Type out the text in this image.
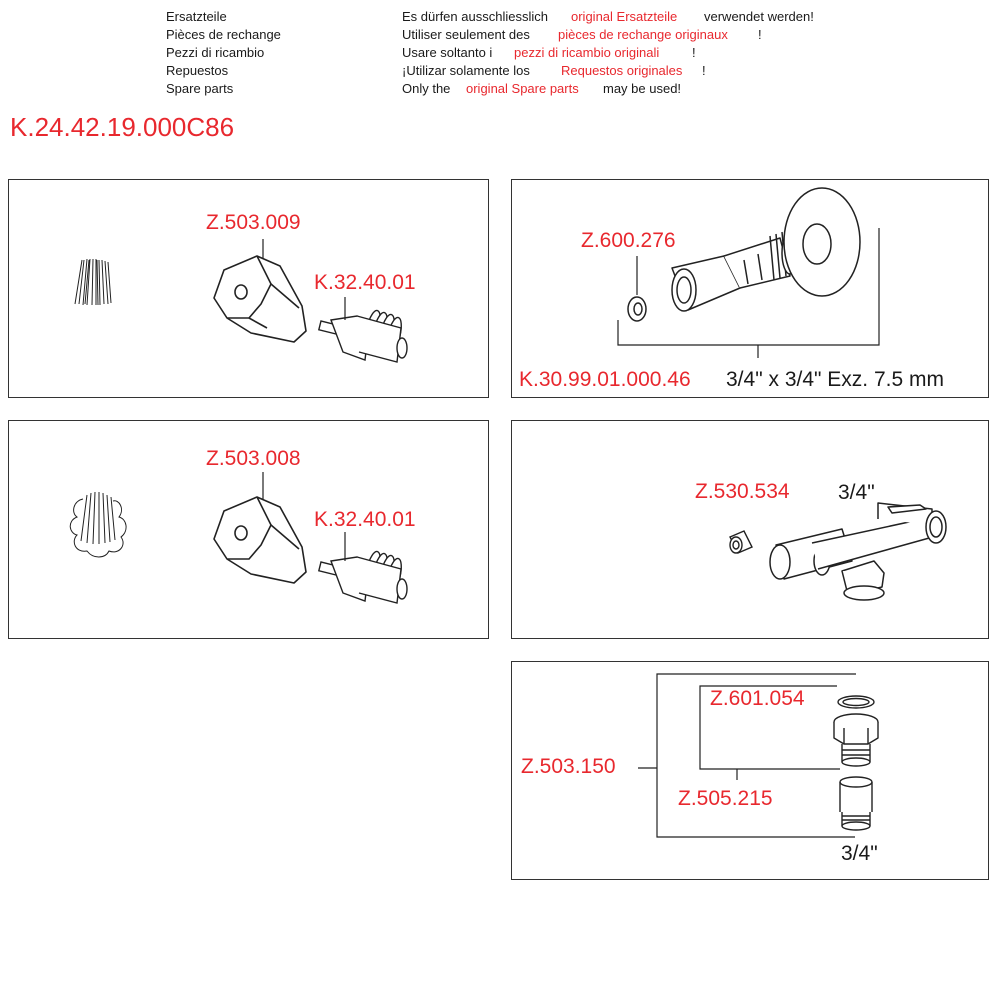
Ersatzteile	Es dürfen ausschliesslich original Ersatzteile verwendet werden!
Pièces de rechange	Utiliser seulement des pièces de rechange originaux !
Pezzi di ricambio	Usare soltanto i pezzi di ricambio originali	!
Repuestos	¡Utilizar solamente los Requestos originales !
Spare parts	Only the original Spare parts may be used!
K.24.42.19.000C86
Z.503.009
K.32.40.01
Z.600.276
K.30.99.01.000.46 3/4" x 3/4" Exz. 7.5 mm
Z.503.008
K.32.40.01
Z.530.534 3/4"
Z.601.054
Z.503.150
Z.505.215
3/4"
